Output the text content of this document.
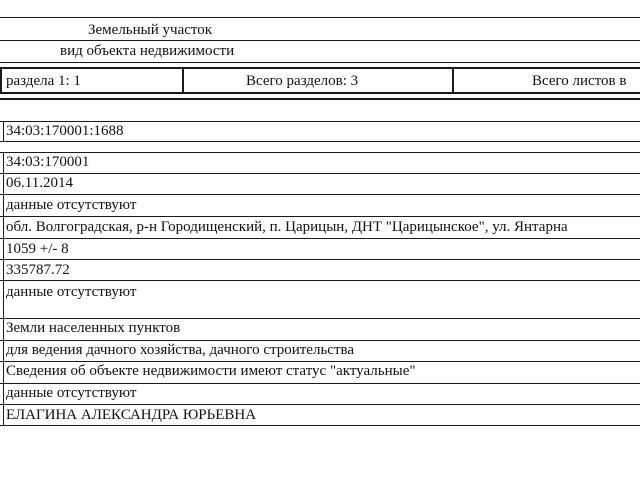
Земельный участок
вид объекта недвижимости
раздела 1: 1	Всего разделов: 3	Всего листов в
34:03:170001:1688
34:03:170001
06.11.2014
данные отсутствуют
обл. Волгоградская, р-н Городищенский, п. Царицын, ДНТ "Царицынское", ул. Янтарна
1059 +/- 8
335787.72
данные отсутствуют
Земли населенных пунктов
для ведения дачного хозяйства, дачного строительства
Сведения об объекте недвижимости имеют статус "актуальные"
данные отсутствуют
ЕЛАГИНА АЛЕКСАНДРА ЮРЬЕВНА
